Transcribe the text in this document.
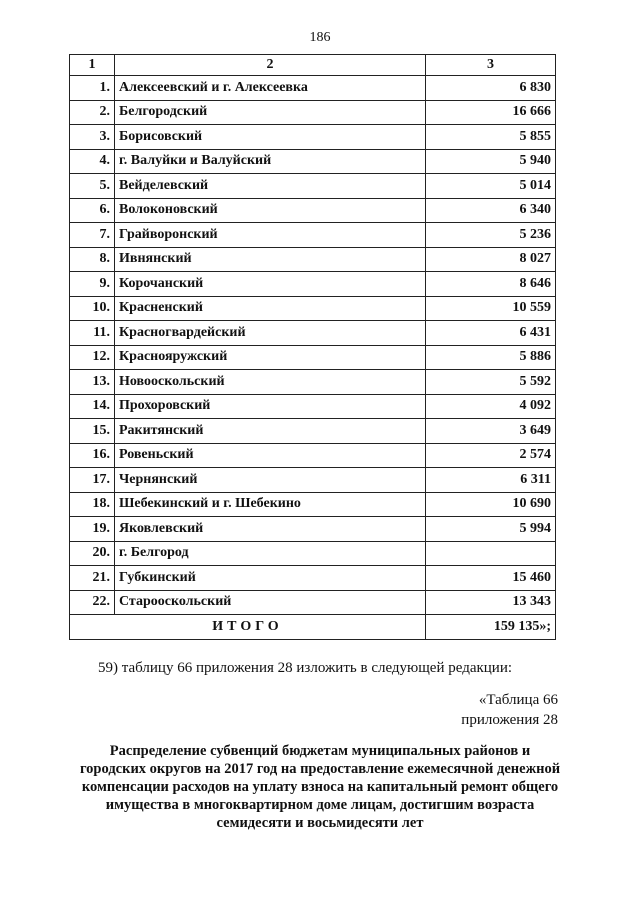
186
1	2	3
1.	Алексеевский и г. Алексеевка	6 830
2.	Белгородский	16 666
3.	Борисовский	5 855
4.	г. Валуйки и Валуйский	5 940
5.	Вейделевский	5 014
6.	Волоконовский	6 340
7.	Грайворонский	5 236
8.	Ивнянский	8 027
9.	Корочанский	8 646
10.	Красненский	10 559
11.	Красногвардейский	6 431
12.	Краснояружский	5 886
13.	Новооскольский	5 592
14.	Прохоровский	4 092
15.	Ракитянский	3 649
16.	Ровеньский	2 574
17.	Чернянский	6 311
18.	Шебекинский и г. Шебекино	10 690
19.	Яковлевский	5 994
20.	г. Белгород	
21.	Губкинский	15 460
22.	Старооскольский	13 343
ИТОГО		159 135»;
59) таблицу 66 приложения 28 изложить в следующей редакции:
«Таблица 66
приложения 28
Распределение субвенций бюджетам муниципальных районов и
городских округов на 2017 год на предоставление ежемесячной денежной
компенсации расходов на уплату взноса на капитальный ремонт общего
имущества в многоквартирном доме лицам, достигшим возраста
семидесяти и восьмидесяти лет
